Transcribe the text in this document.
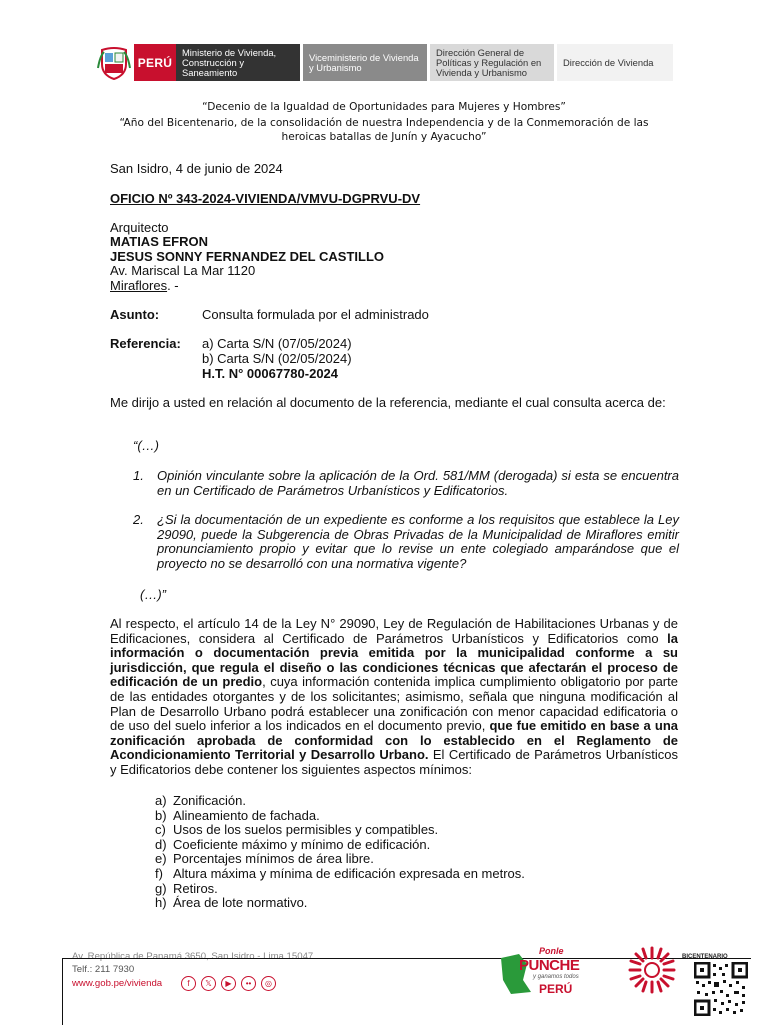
PERÚ
Ministerio de Vivienda, Construcción y Saneamiento
Viceministerio de Vivienda y Urbanismo
Dirección General de Políticas y Regulación en Vivienda y Urbanismo
Dirección de Vivienda
“Decenio de la Igualdad de Oportunidades para Mujeres y Hombres”
“Año del Bicentenario, de la consolidación de nuestra Independencia y de la Conmemoración de las
heroicas batallas de Junín y Ayacucho”
San Isidro, 4 de junio de 2024
OFICIO Nº 343-2024-VIVIENDA/VMVU-DGPRVU-DV
Arquitecto
MATIAS EFRON
JESUS SONNY FERNANDEZ DEL CASTILLO
Av. Mariscal La Mar 1120
Miraflores. -
Asunto:	Consulta formulada por el administrado
Referencia: a) Carta S/N (07/05/2024)
b) Carta S/N (02/05/2024)
H.T. N° 00067780-2024
Me dirijo a usted en relación al documento de la referencia, mediante el cual consulta acerca de:
“(…)
1. Opinión vinculante sobre la aplicación de la Ord. 581/MM (derogada) si esta se encuentra en un Certificado de Parámetros Urbanísticos y Edificatorios.
2. ¿Si la documentación de un expediente es conforme a los requisitos que establece la Ley 29090, puede la Subgerencia de Obras Privadas de la Municipalidad de Miraflores emitir pronunciamiento propio y evitar que lo revise un ente colegiado amparándose que el proyecto no se desarrolló con una normativa vigente?
(…)”
Al respecto, el artículo 14 de la Ley N° 29090, Ley de Regulación de Habilitaciones Urbanas y de Edificaciones, considera al Certificado de Parámetros Urbanísticos y Edificatorios como la información o documentación previa emitida por la municipalidad conforme a su jurisdicción, que regula el diseño o las condiciones técnicas que afectarán el proceso de edificación de un predio, cuya información contenida implica cumplimiento obligatorio por parte de las entidades otorgantes y de los solicitantes; asimismo, señala que ninguna modificación al Plan de Desarrollo Urbano podrá establecer una zonificación con menor capacidad edificatoria o de uso del suelo inferior a los indicados en el documento previo, que fue emitido en base a una zonificación aprobada de conformidad con lo establecido en el Reglamento de Acondicionamiento Territorial y Desarrollo Urbano. El Certificado de Parámetros Urbanísticos y Edificatorios debe contener los siguientes aspectos mínimos:
a) Zonificación.
b) Alineamiento de fachada.
c) Usos de los suelos permisibles y compatibles.
d) Coeficiente máximo y mínimo de edificación.
e) Porcentajes mínimos de área libre.
f) Altura máxima y mínima de edificación expresada en metros.
g) Retiros.
h) Área de lote normativo.
Av. República de Panamá 3650, San Isidro - Lima 15047
Telf.: 211 7930
www.gob.pe/vivienda	f	𝕏	▶	••	◎
Ponle
PUNCHE
y ganamos todos
PERÚ
BICENTENARIO
